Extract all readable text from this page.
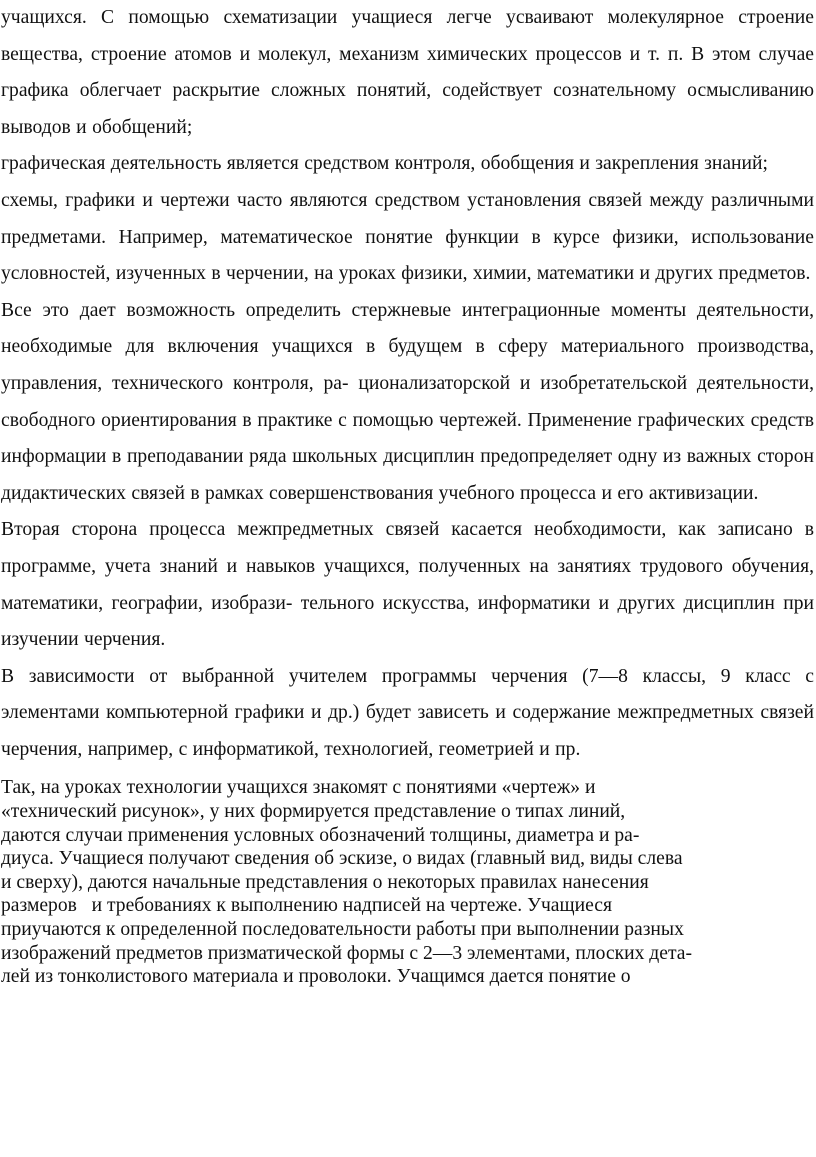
учащихся. С помощью схематизации учащиеся легче усваивают молекулярное строение вещества, строение атомов и молекул, механизм химических процессов и т. п. В этом случае графика облегчает раскрытие сложных понятий, содействует сознательному осмысливанию выводов и обобщений;

графическая деятельность является средством контроля, обобщения и закрепления знаний;

схемы, графики и чертежи часто являются средством установления связей между различными предметами. Например, математическое понятие функции в курсе физики, использование условностей, изученных в черчении, на уроках физики, химии, математики и других предметов.

Все это дает возможность определить стержневые интеграционные моменты деятельности, необходимые для включения учащихся в будущем в сферу материального производства, управления, технического контроля, ра- ционализаторской и изобретательской деятельности, свободного ориентирования в практике с помощью чертежей. Применение графических средств информации в преподавании ряда школьных дисциплин предопределяет одну из важных сторон дидактических связей в рамках совершенствования учебного процесса и его активизации.

Вторая сторона процесса межпредметных связей касается необходимости, как записано в программе, учета знаний и навыков учащихся, полученных на занятиях трудового обучения, математики, географии, изобрази- тельного искусства, информатики и других дисциплин при изучении черчения.

В зависимости от выбранной учителем программы черчения (7—8 классы, 9 класс с элементами компьютерной графики и др.) будет зависеть и содержание межпредметных связей черчения, например, с информатикой, технологией, геометрией и пр.

Так, на уроках технологии учащихся знакомят с понятиями «чертеж» и

«технический рисунок», у них формируется представление о типах линий,

даются случаи применения условных обозначений толщины, диаметра и ра-

диуса. Учащиеся получают сведения об эскизе, о видах (главный вид, виды слева

и сверху), даются начальные представления о некоторых правилах нанесения

размеров   и требованиях к выполнению надписей на чертеже. Учащиеся

приучаются к определенной последовательности работы при выполнении разных

изображений предметов призматической формы с 2—3 элементами, плоских дета-

лей из тонколистового материала и проволоки. Учащимся дается понятие о
